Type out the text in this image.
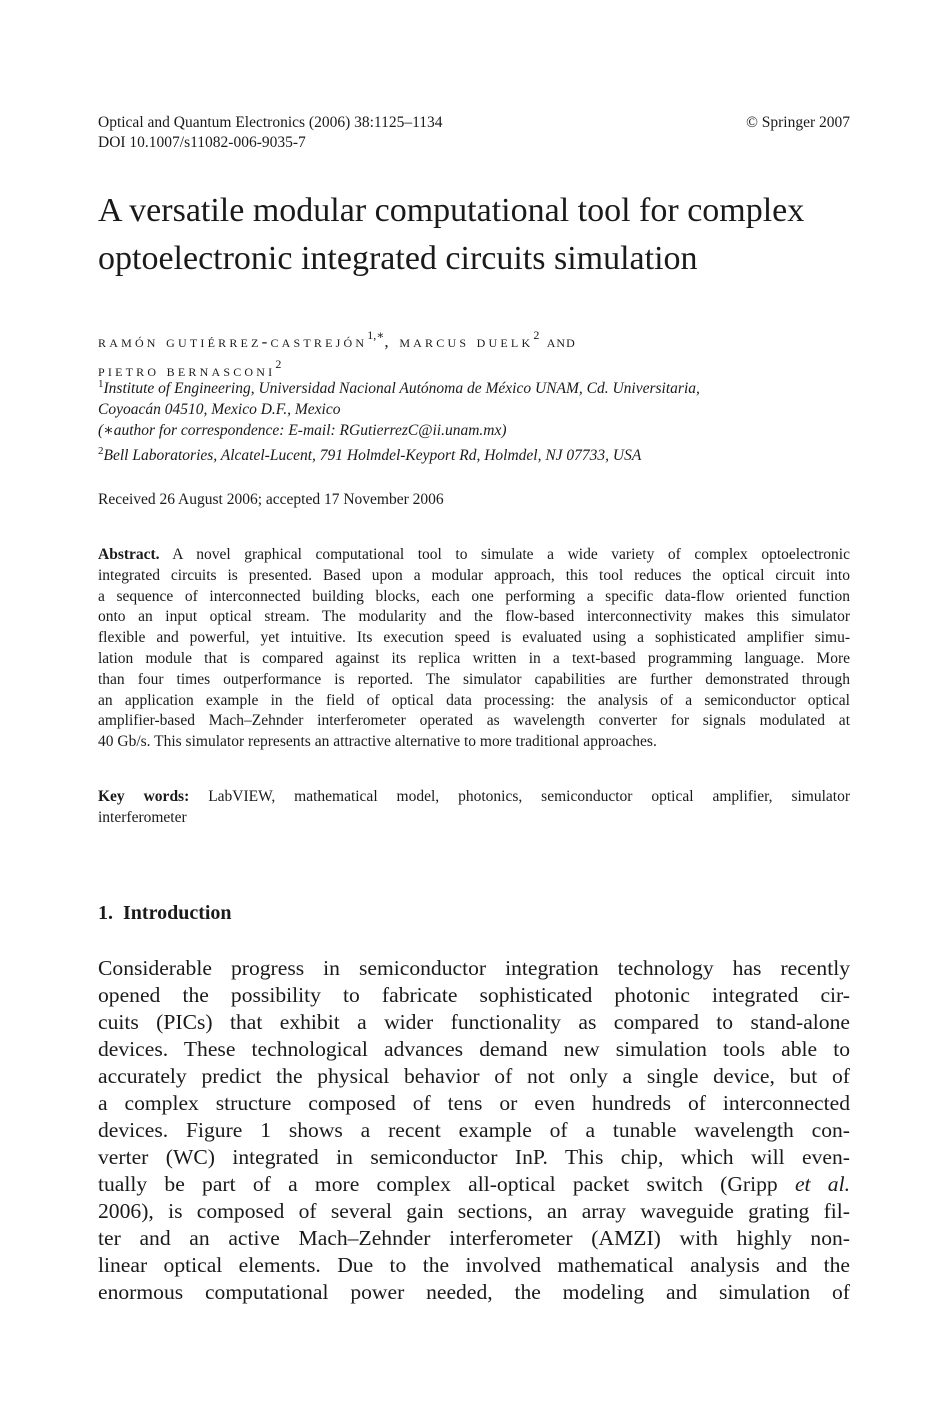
Optical and Quantum Electronics (2006) 38:1125–1134
DOI 10.1007/s11082-006-9035-7
© Springer 2007
A versatile modular computational tool for complex
optoelectronic integrated circuits simulation
ramón gutiérrez-castrejón$^{1,∗}$, marcus duelk$^2$ and
pietro bernasconi$^2$
$^1$Institute of Engineering, Universidad Nacional Autónoma de México UNAM, Cd. Universitaria,
Coyoacán 04510, Mexico D.F., Mexico
(∗author for correspondence: E-mail: RGutierrezC@ii.unam.mx)
$^2$Bell Laboratories, Alcatel-Lucent, 791 Holmdel-Keyport Rd, Holmdel, NJ 07733, USA
Received 26 August 2006; accepted 17 November 2006
Abstract. A novel graphical computational tool to simulate a wide variety of complex optoelectronic
integrated circuits is presented. Based upon a modular approach, this tool reduces the optical circuit into
a sequence of interconnected building blocks, each one performing a specific data-flow oriented function
onto an input optical stream. The modularity and the flow-based interconnectivity makes this simulator
flexible and powerful, yet intuitive. Its execution speed is evaluated using a sophisticated amplifier simu-
lation module that is compared against its replica written in a text-based programming language. More
than four times outperformance is reported. The simulator capabilities are further demonstrated through
an application example in the field of optical data processing: the analysis of a semiconductor optical
amplifier-based Mach–Zehnder interferometer operated as wavelength converter for signals modulated at
40 Gb/s. This simulator represents an attractive alternative to more traditional approaches.
Key words: LabVIEW, mathematical model, photonics, semiconductor optical amplifier, simulator
interferometer
1. Introduction
Considerable progress in semiconductor integration technology has recently
opened the possibility to fabricate sophisticated photonic integrated cir-
cuits (PICs) that exhibit a wider functionality as compared to stand-alone
devices. These technological advances demand new simulation tools able to
accurately predict the physical behavior of not only a single device, but of
a complex structure composed of tens or even hundreds of interconnected
devices. Figure 1 shows a recent example of a tunable wavelength con-
verter (WC) integrated in semiconductor InP. This chip, which will even-
tually be part of a more complex all-optical packet switch (Gripp et al.
2006), is composed of several gain sections, an array waveguide grating fil-
ter and an active Mach–Zehnder interferometer (AMZI) with highly non-
linear optical elements. Due to the involved mathematical analysis and the
enormous computational power needed, the modeling and simulation of
